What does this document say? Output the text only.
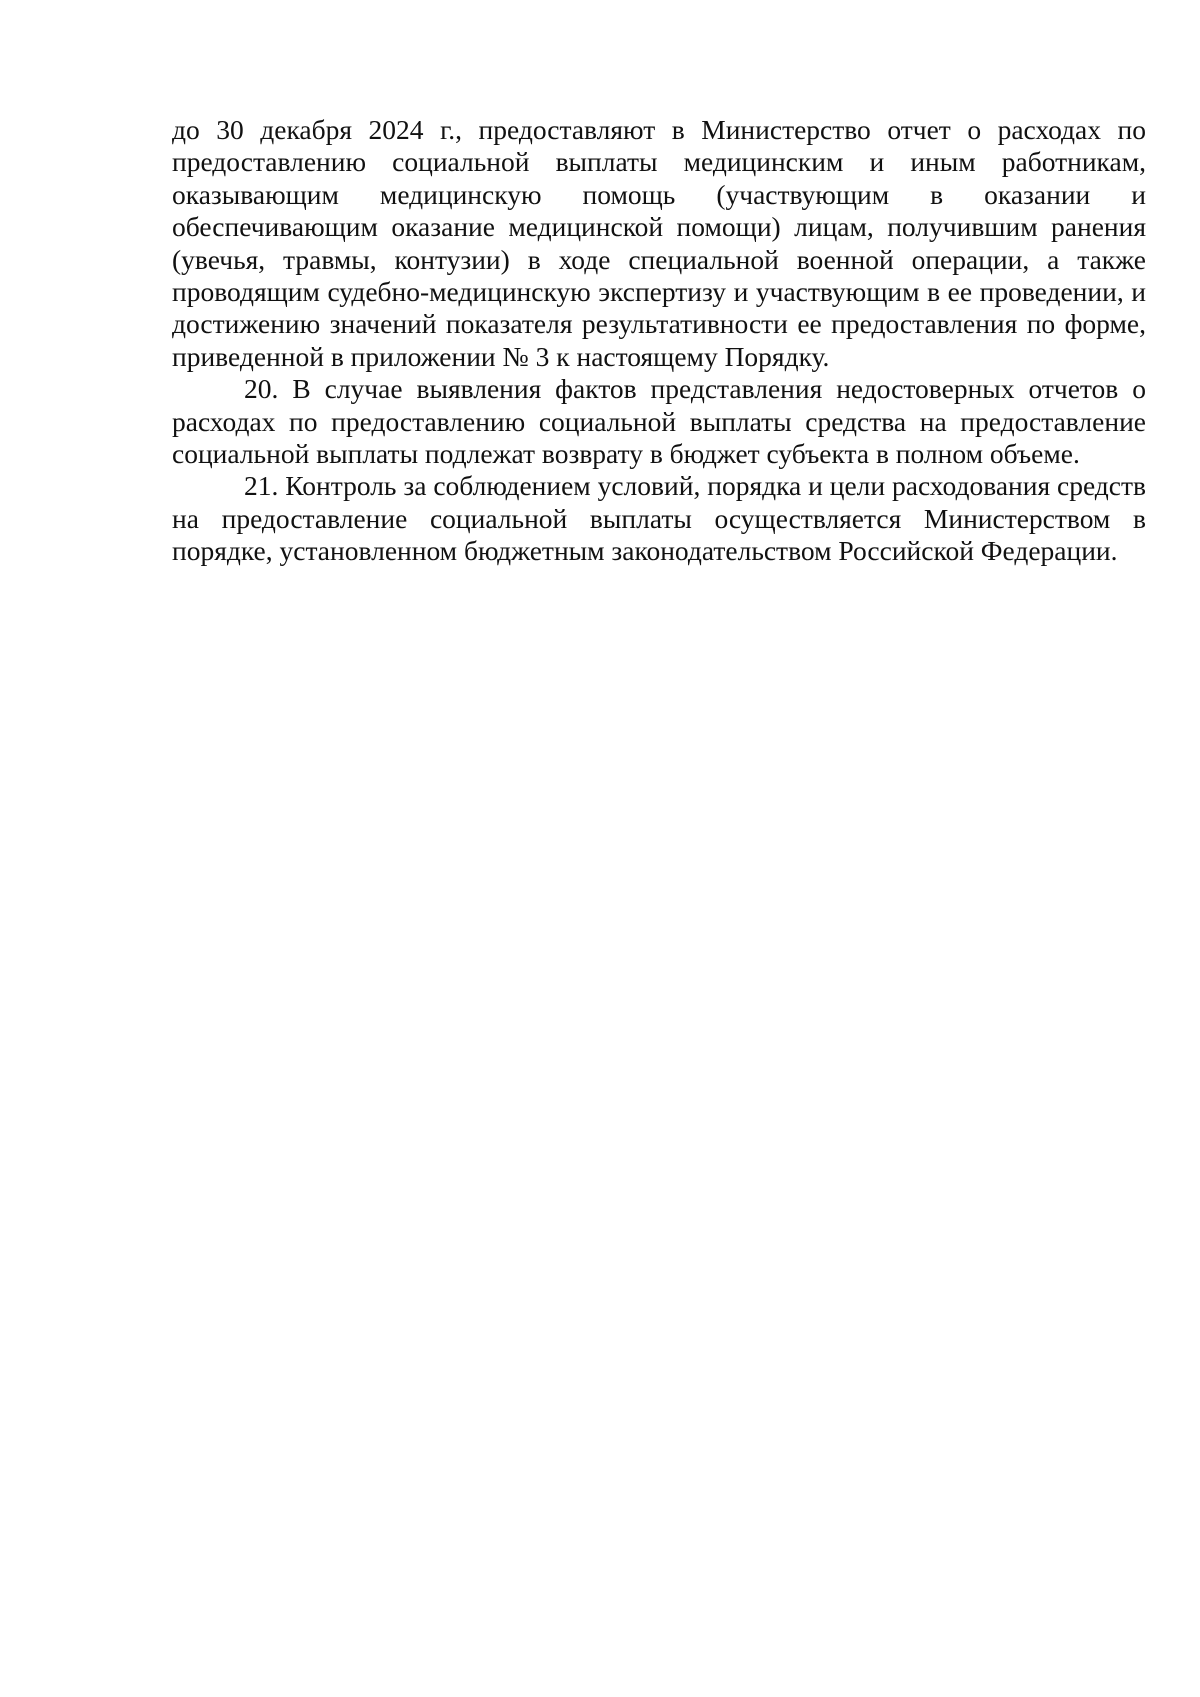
до 30 декабря 2024 г., предоставляют в Министерство отчет о расходах по предоставлению социальной выплаты медицинским и иным работникам, оказывающим медицинскую помощь (участвующим в оказании и обеспечивающим оказание медицинской помощи) лицам, получившим ранения (увечья, травмы, контузии) в ходе специальной военной операции, а также проводящим судебно-медицинскую экспертизу и участвующим в ее проведении, и достижению значений показателя результативности ее предоставления по форме, приведенной в приложении № 3 к настоящему Порядку.

20. В случае выявления фактов представления недостоверных отчетов о расходах по предоставлению социальной выплаты средства на предоставление социальной выплаты подлежат возврату в бюджет субъекта в полном объеме.

21. Контроль за соблюдением условий, порядка и цели расходования средств на предоставление социальной выплаты осуществляется Министерством в порядке, установленном бюджетным законодательством Российской Федерации.
